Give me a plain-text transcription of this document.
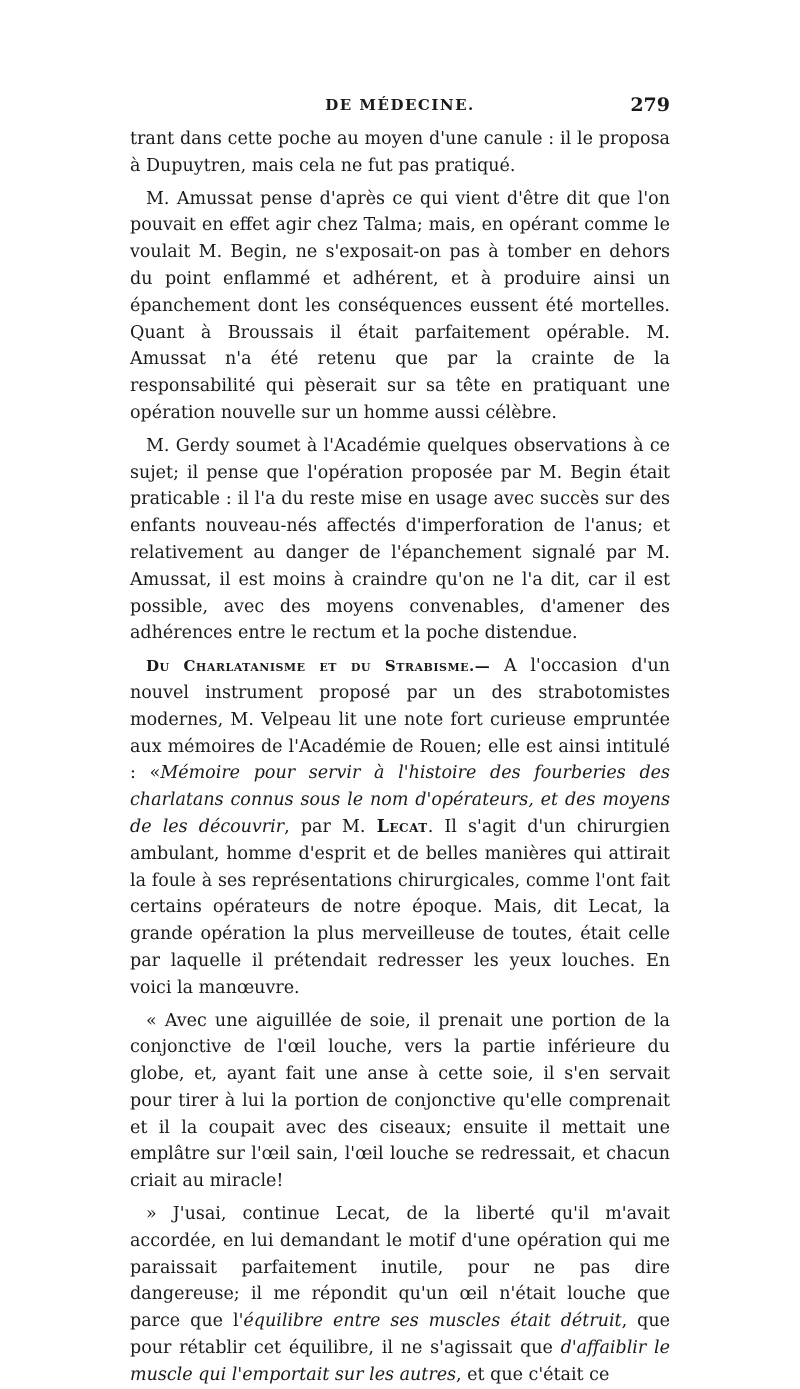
DE MÉDECINE.	279

trant dans cette poche au moyen d'une canule : il le proposa à Dupuytren, mais cela ne fut pas pratiqué.

M. Amussat pense d'après ce qui vient d'être dit que l'on pouvait en effet agir chez Talma; mais, en opérant comme le voulait M. Begin, ne s'exposait-on pas à tomber en dehors du point enflammé et adhérent, et à produire ainsi un épanchement dont les conséquences eussent été mortelles. Quant à Broussais il était parfaitement opérable. M. Amussat n'a été retenu que par la crainte de la responsabilité qui pèserait sur sa tête en pratiquant une opération nouvelle sur un homme aussi célèbre.

M. Gerdy soumet à l'Académie quelques observations à ce sujet; il pense que l'opération proposée par M. Begin était praticable : il l'a du reste mise en usage avec succès sur des enfants nouveau-nés affectés d'imperforation de l'anus; et relativement au danger de l'épanchement signalé par M. Amussat, il est moins à craindre qu'on ne l'a dit, car il est possible, avec des moyens convenables, d'amener des adhérences entre le rectum et la poche distendue.

Du Charlatanisme et du Strabisme.— A l'occasion d'un nouvel instrument proposé par un des strabotomistes modernes, M. Velpeau lit une note fort curieuse empruntée aux mémoires de l'Académie de Rouen; elle est ainsi intitulé : «Mémoire pour servir à l'histoire des fourberies des charlatans connus sous le nom d'opérateurs, et des moyens de les découvrir, par M. Lecat. Il s'agit d'un chirurgien ambulant, homme d'esprit et de belles manières qui attirait la foule à ses représentations chirurgicales, comme l'ont fait certains opérateurs de notre époque. Mais, dit Lecat, la grande opération la plus merveilleuse de toutes, était celle par laquelle il prétendait redresser les yeux louches. En voici la manœuvre.

« Avec une aiguillée de soie, il prenait une portion de la conjonctive de l'œil louche, vers la partie inférieure du globe, et, ayant fait une anse à cette soie, il s'en servait pour tirer à lui la portion de conjonctive qu'elle comprenait et il la coupait avec des ciseaux; ensuite il mettait une emplâtre sur l'œil sain, l'œil louche se redressait, et chacun criait au miracle!

» J'usai, continue Lecat, de la liberté qu'il m'avait accordée, en lui demandant le motif d'une opération qui me paraissait parfaitement inutile, pour ne pas dire dangereuse; il me répondit qu'un œil n'était louche que parce que l'équilibre entre ses muscles était détruit, que pour rétablir cet équilibre, il ne s'agissait que d'affaiblir le muscle qui l'emportait sur les autres, et que c'était ce
